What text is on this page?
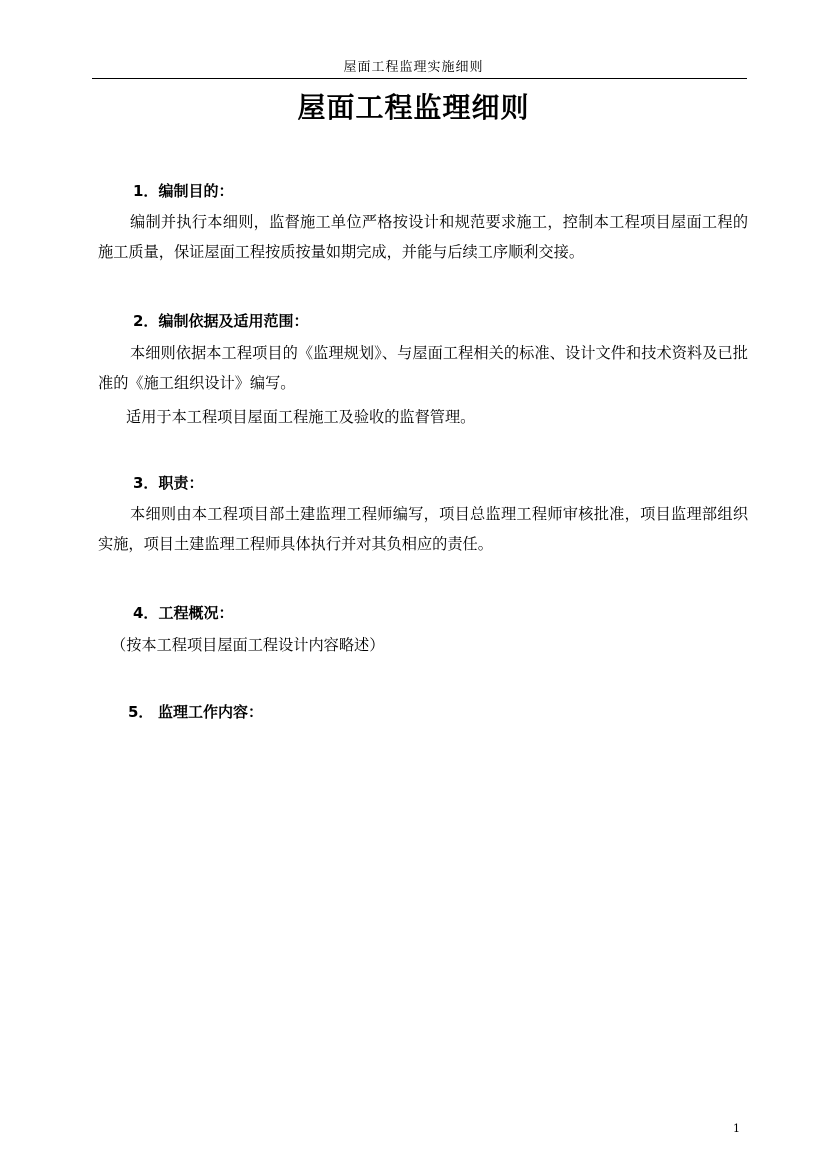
屋面工程监理实施细则
屋面工程监理细则
1．编制目的：
编制并执行本细则，监督施工单位严格按设计和规范要求施工，控制本工程项目屋面工程的施工质量，保证屋面工程按质按量如期完成，并能与后续工序顺利交接。
2．编制依据及适用范围：
本细则依据本工程项目的《监理规划》、与屋面工程相关的标准、设计文件和技术资料及已批准的《施工组织设计》编写。
适用于本工程项目屋面工程施工及验收的监督管理。
3．职责：
本细则由本工程项目部土建监理工程师编写，项目总监理工程师审核批准，项目监理部组织实施，项目土建监理工程师具体执行并对其负相应的责任。
4．工程概况：
（按本工程项目屋面工程设计内容略述）
5． 监理工作内容：
1
